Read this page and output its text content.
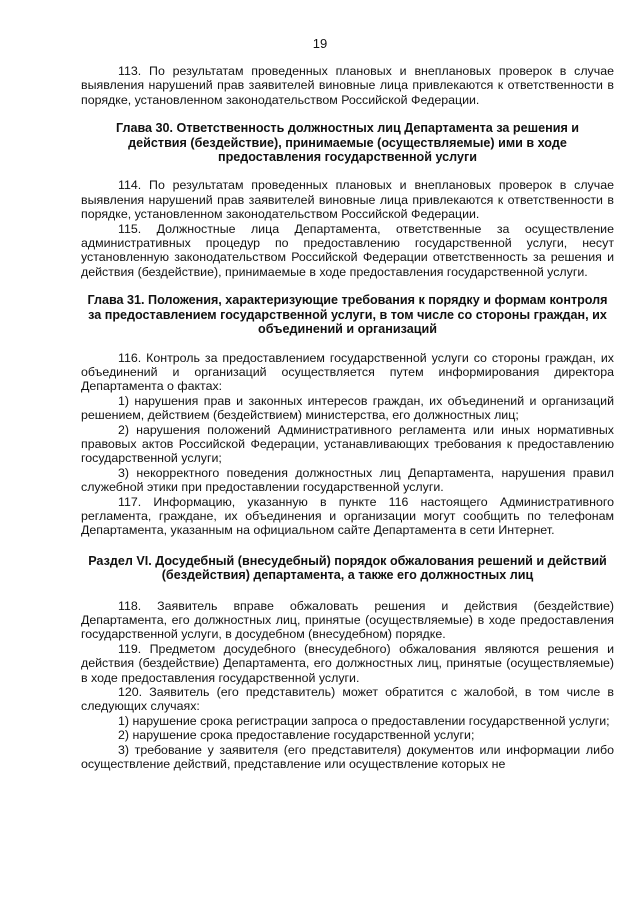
19

113. По результатам проведенных плановых и внеплановых проверок в случае выявления нарушений прав заявителей виновные лица привлекаются к ответственности в порядке, установленном законодательством Российской Федерации.

Глава 30. Ответственность должностных лиц Департамента за решения и действия (бездействие), принимаемые (осуществляемые) ими в ходе предоставления государственной услуги

114. По результатам проведенных плановых и внеплановых проверок в случае выявления нарушений прав заявителей виновные лица привлекаются к ответственности в порядке, установленном законодательством Российской Федерации.

115. Должностные лица Департамента, ответственные за осуществление административных процедур по предоставлению государственной услуги, несут установленную законодательством Российской Федерации ответственность за решения и действия (бездействие), принимаемые в ходе предоставления государственной услуги.

Глава 31. Положения, характеризующие требования к порядку и формам контроля за предоставлением государственной услуги, в том числе со стороны граждан, их объединений и организаций

116. Контроль за предоставлением государственной услуги со стороны граждан, их объединений и организаций осуществляется путем информирования директора Департамента о фактах:

1) нарушения прав и законных интересов граждан, их объединений и организаций решением, действием (бездействием) министерства, его должностных лиц;

2) нарушения положений Административного регламента или иных нормативных правовых актов Российской Федерации, устанавливающих требования к предоставлению государственной услуги;

3) некорректного поведения должностных лиц Департамента, нарушения правил служебной этики при предоставлении государственной услуги.

117. Информацию, указанную в пункте 116 настоящего Административного регламента, граждане, их объединения и организации могут сообщить по телефонам Департамента, указанным на официальном сайте Департамента в сети Интернет.

Раздел VI. Досудебный (внесудебный) порядок обжалования решений и действий (бездействия) департамента, а также его должностных лиц

118. Заявитель вправе обжаловать решения и действия (бездействие) Департамента, его должностных лиц, принятые (осуществляемые) в ходе предоставления государственной услуги, в досудебном (внесудебном) порядке.

119. Предметом досудебного (внесудебного) обжалования являются решения и действия (бездействие) Департамента, его должностных лиц, принятые (осуществляемые) в ходе предоставления государственной услуги.

120. Заявитель (его представитель) может обратится с жалобой, в том числе в следующих случаях:

1) нарушение срока регистрации запроса о предоставлении государственной услуги;

2) нарушение срока предоставление государственной услуги;

3) требование у заявителя (его представителя) документов или информации либо осуществление действий, представление или осуществление которых не
